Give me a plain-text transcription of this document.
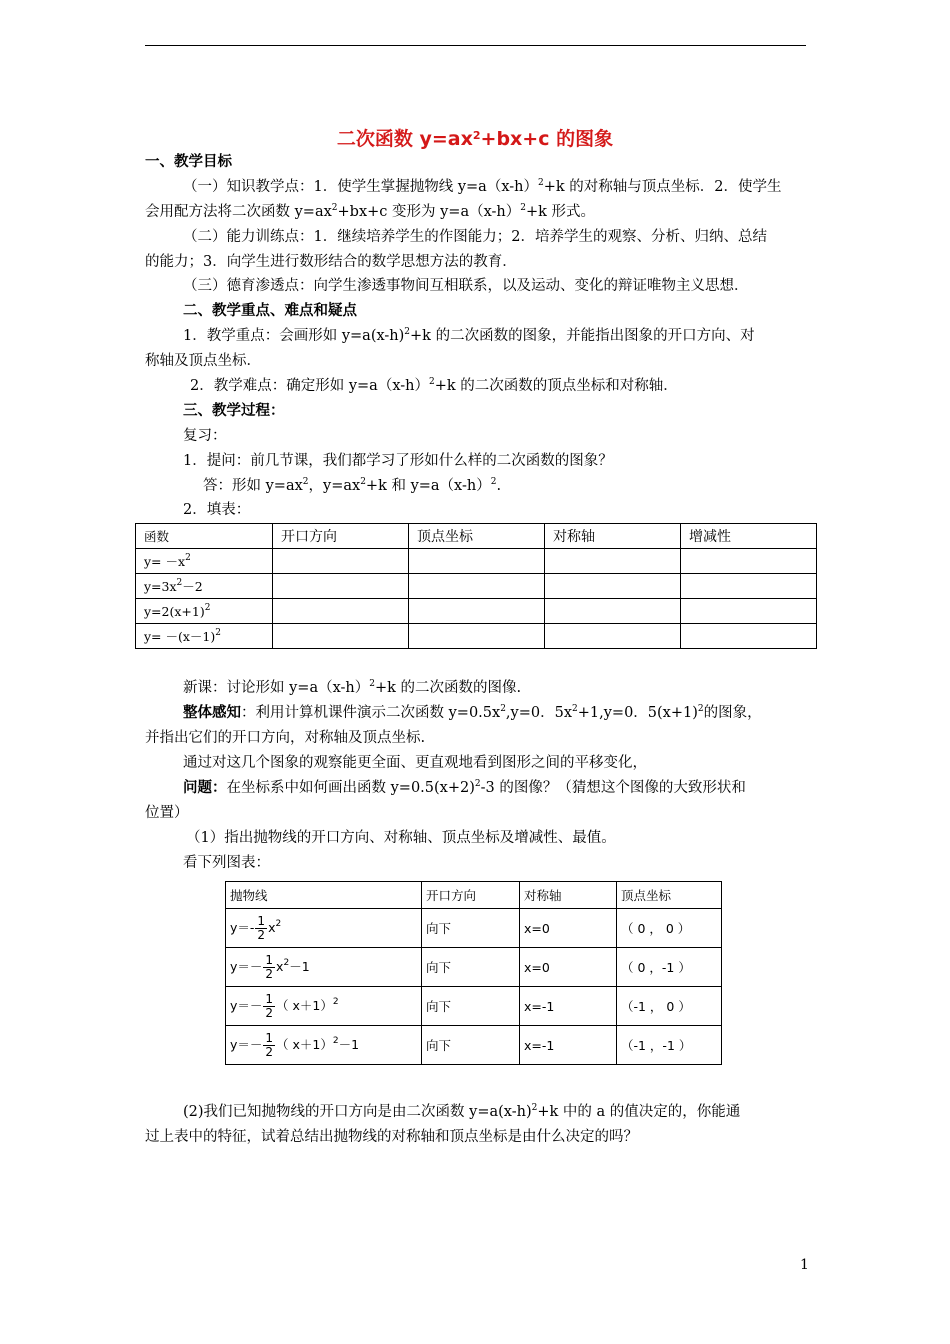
二次函数 $y=ax^2+bx+c$ 的图象
一、教学目标
（一）知识教学点：1．使学生掌握抛物线 $y=a(x-h)^2+k$ 的对称轴与顶点坐标．2．使学生
会用配方法将二次函数 $y=ax^2+bx+c$ 变形为 $y=a(x-h)^2+k$ 形式。
（二）能力训练点：1．继续培养学生的作图能力；2．培养学生的观察、分析、归纳、总结
的能力；3．向学生进行数形结合的数学思想方法的教育．
（三）德育渗透点：向学生渗透事物间互相联系，以及运动、变化的辩证唯物主义思想．
二、教学重点、难点和疑点
1．教学重点：会画形如 $y=a(x-h)^2+k$ 的二次函数的图象，并能指出图象的开口方向、对
称轴及顶点坐标．
2．教学难点：确定形如 $y=a(x-h)^2+k$ 的二次函数的顶点坐标和对称轴．
三、教学过程：
复习：
1．提问：前几节课，我们都学习了形如什么样的二次函数的图象？
答：形如 $y=ax^2$，$y=ax^2+k$ 和 $y=a(x-h)^2$.
2．填表：
函数	开口方向	顶点坐标	对称轴	增减性
$y= -x^2$				
$y=3x^2-2$				
$y=2(x+1)^2$				
$y= -(x-1)^2$				
新课：讨论形如 $y=a(x-h)^2+k$ 的二次函数的图像.
整体感知：利用计算机课件演示二次函数 $y=0.5x^2,y=0$．$5x^2+1,y=0$．$5(x+1)^2$的图象，
并指出它们的开口方向，对称轴及顶点坐标.
通过对这几个图象的观察能更全面、更直观地看到图形之间的平移变化，
问题：在坐标系中如何画出函数 $y=0.5(x+2)^2-3$ 的图像？（猜想这个图像的大致形状和
位置）
（1）指出抛物线的开口方向、对称轴、顶点坐标及增减性、最值。
看下列图表：
抛物线	开口方向	对称轴	顶点坐标
$y=- \frac{1}{2} x^2$	向下	x=0	（ 0 ， 0 ）
$y=- \frac{1}{2} x^2-1$	向下	x=0	（ 0 ，-1 ）
$y=- \frac{1}{2}$ （ x＋1）$^2$	向下	x=-1	（-1 ， 0 ）
$y=- \frac{1}{2}$ （ x＋1）$^2$－1	向下	x=-1	（-1 ，-1 ）
(2)我们已知抛物线的开口方向是由二次函数 $y=a(x-h)^2+k$ 中的 a 的值决定的，你能通
过上表中的特征，试着总结出抛物线的对称轴和顶点坐标是由什么决定的吗？
1
